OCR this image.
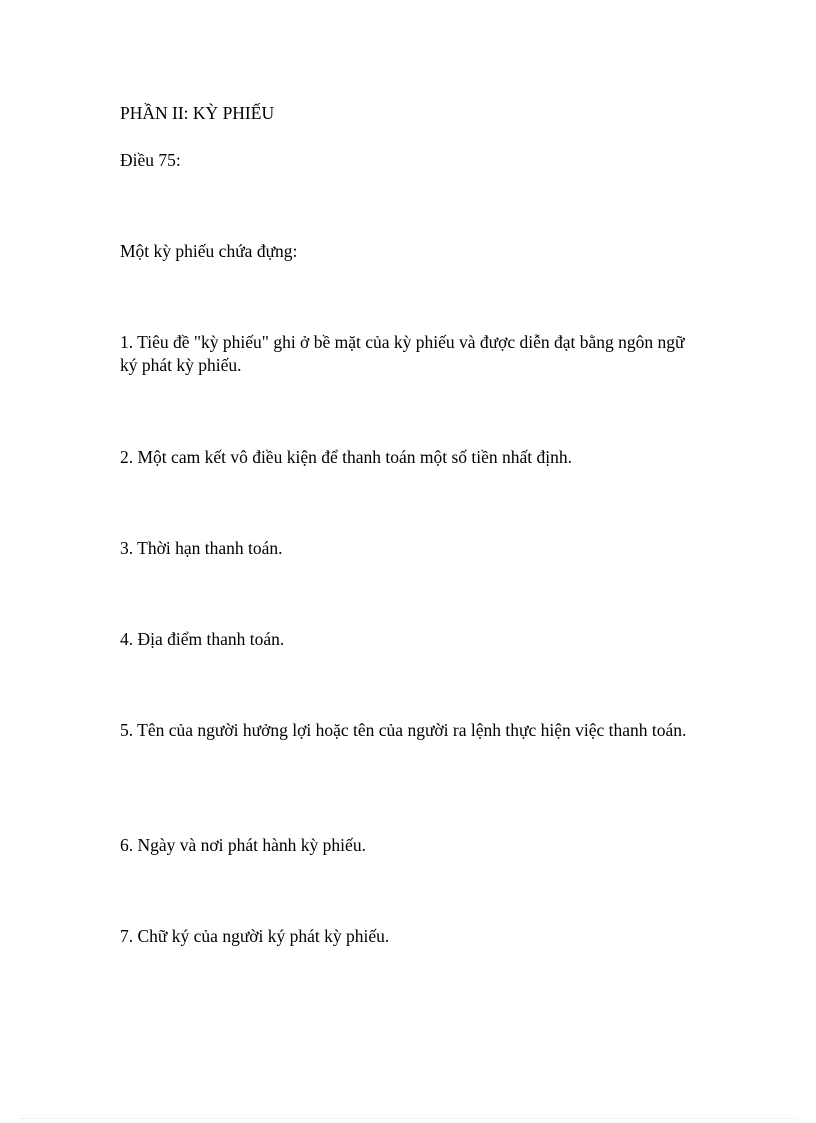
PHẦN II: KỲ PHIẾU

Điều 75:

Một kỳ phiếu chứa đựng:

1. Tiêu đề "kỳ phiếu" ghi ở bề mặt của kỳ phiếu và được diễn đạt bằng ngôn ngữ ký phát kỳ phiếu.

2. Một cam kết vô điều kiện để thanh toán một số tiền nhất định.

3. Thời hạn thanh toán.

4. Địa điểm thanh toán.

5. Tên của người hưởng lợi hoặc tên của người ra lệnh thực hiện việc thanh toán.

6. Ngày và nơi phát hành kỳ phiếu.

7. Chữ ký của người ký phát kỳ phiếu.
